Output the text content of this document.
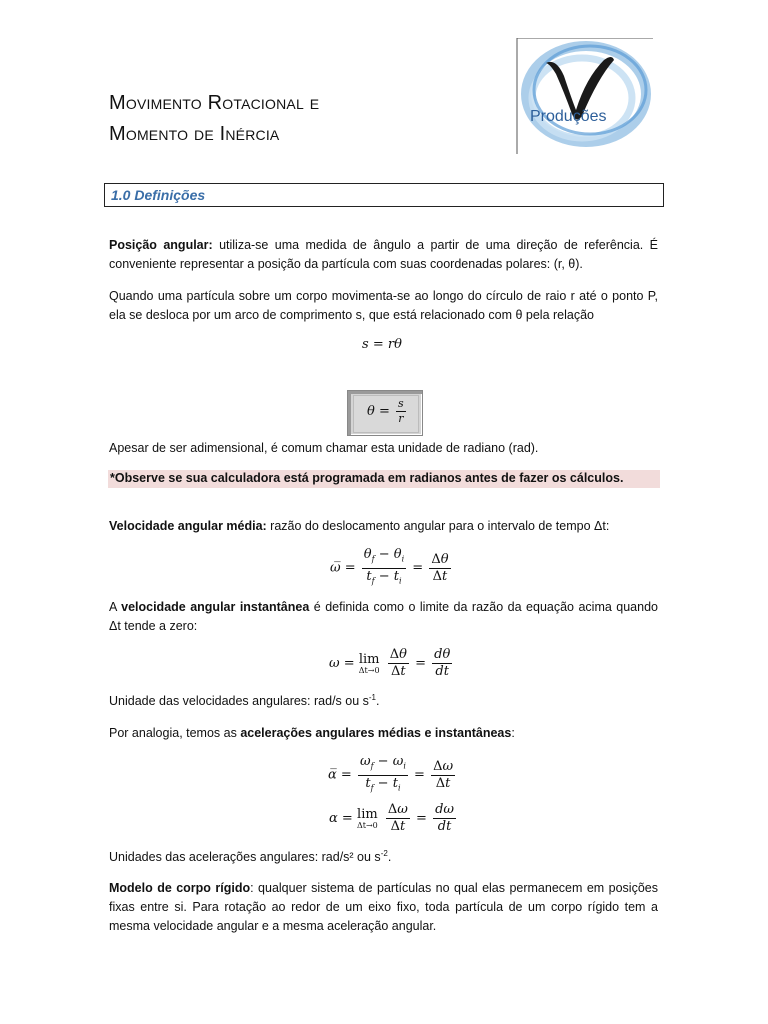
Movimento Rotacional e
Momento de Inércia
Produções
1.0 Definições
Posição angular: utiliza-se uma medida de ângulo a partir de uma direção de referência. É conveniente representar a posição da partícula com suas coordenadas polares: (r, θ).
Quando uma partícula sobre um corpo movimenta-se ao longo do círculo de raio r até o ponto P, ela se desloca por um arco de comprimento s, que está relacionado com θ pela relação
s = rθ
$\theta = \frac{s}{r}$
Apesar de ser adimensional, é comum chamar esta unidade de radiano (rad).
*Observe se sua calculadora está programada em radianos antes de fazer os cálculos.
Velocidade angular média: razão do deslocamento angular para o intervalo de tempo Δt:
ω̅ = $\frac{\theta_f - \theta_i}{t_f - t_i} = \frac{\Delta\theta}{\Delta t}$
A velocidade angular instantânea é definida como o limite da razão da equação acima quando Δt tende a zero:
ω = lim
Δt→0
$\frac{\Delta\theta}{\Delta t} = \frac{d\theta}{dt}$
Unidade das velocidades angulares: rad/s ou $s^{-1}$.
Por analogia, temos as acelerações angulares médias e instantâneas:
α̅ = $\frac{\omega_f - \omega_i}{t_f - t_i} = \frac{\Delta\omega}{\Delta t}$
α = lim
Δt→0
$\frac{\Delta\omega}{\Delta t} = \frac{d\omega}{dt}$
Unidades das acelerações angulares: rad/s² ou $s^{-2}$.
Modelo de corpo rígido: qualquer sistema de partículas no qual elas permanecem em posições fixas entre si. Para rotação ao redor de um eixo fixo, toda partícula de um corpo rígido tem a mesma velocidade angular e a mesma aceleração angular.
